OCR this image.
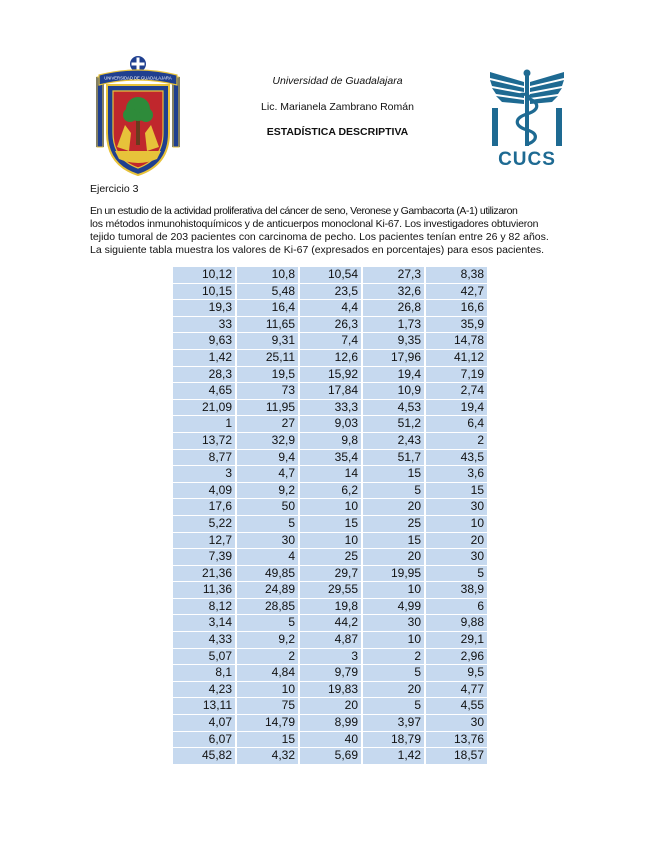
UNIVERSIDAD DE GUADALAJARA
CUCS
Universidad de Guadalajara
Lic. Marianela Zambrano Román
ESTADÍSTICA DESCRIPTIVA
Ejercicio 3

En un estudio de la actividad proliferativa del cáncer de seno, Veronese y Gambacorta (A-1) utilizaron

los métodos inmunohistoquímicos y de anticuerpos monoclonal Ki-67. Los investigadores obtuvieron

tejido tumoral de 203 pacientes con carcinoma de pecho. Los pacientes tenían entre 26 y 82 años.

La siguiente tabla muestra los valores de Ki-67 (expresados en porcentajes) para esos pacientes.

10,12	10,8	10,54	27,3	8,38
10,15	5,48	23,5	32,6	42,7
19,3	16,4	4,4	26,8	16,6
33	11,65	26,3	1,73	35,9
9,63	9,31	7,4	9,35	14,78
1,42	25,11	12,6	17,96	41,12
28,3	19,5	15,92	19,4	7,19
4,65	73	17,84	10,9	2,74
21,09	11,95	33,3	4,53	19,4
1	27	9,03	51,2	6,4
13,72	32,9	9,8	2,43	2
8,77	9,4	35,4	51,7	43,5
3	4,7	14	15	3,6
4,09	9,2	6,2	5	15
17,6	50	10	20	30
5,22	5	15	25	10
12,7	30	10	15	20
7,39	4	25	20	30
21,36	49,85	29,7	19,95	5
11,36	24,89	29,55	10	38,9
8,12	28,85	19,8	4,99	6
3,14	5	44,2	30	9,88
4,33	9,2	4,87	10	29,1
5,07	2	3	2	2,96
8,1	4,84	9,79	5	9,5
4,23	10	19,83	20	4,77
13,11	75	20	5	4,55
4,07	14,79	8,99	3,97	30
6,07	15	40	18,79	13,76
45,82	4,32	5,69	1,42	18,57
